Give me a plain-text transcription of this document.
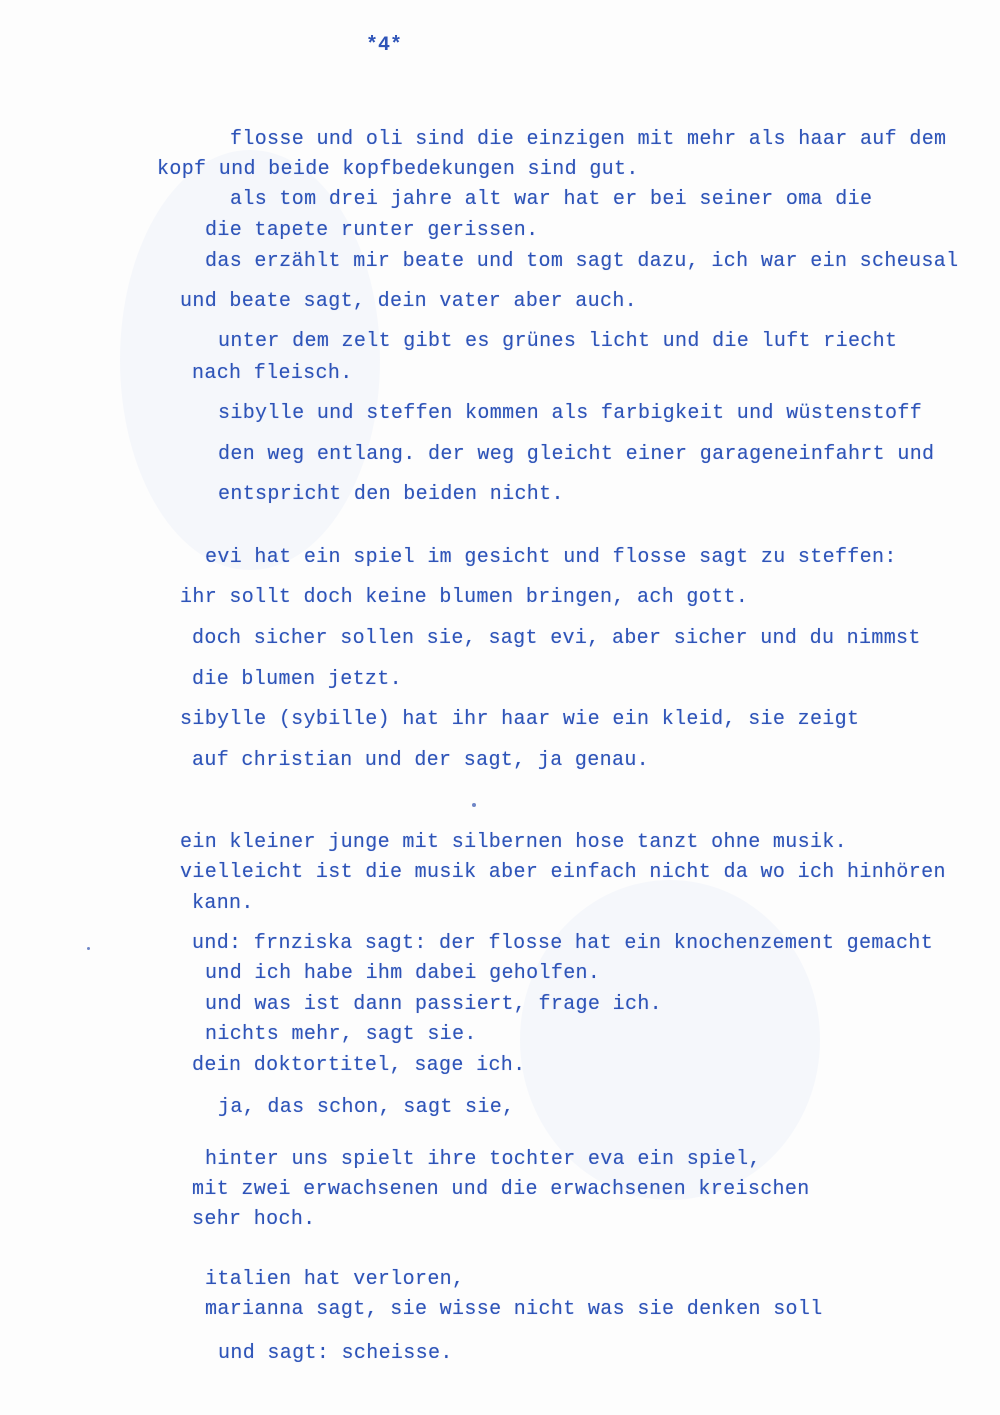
*4*
flosse und oli sind die einzigen mit mehr als haar auf dem
kopf und beide kopfbedekungen sind gut.
als tom drei jahre alt war hat er bei seiner oma die
die tapete runter gerissen.
das erzählt mir beate und tom sagt dazu, ich war ein scheusal
und beate sagt, dein vater aber auch.
unter dem zelt gibt es grünes licht und die luft riecht
nach fleisch.
sibylle und steffen kommen als farbigkeit und wüstenstoff
den weg entlang. der weg gleicht einer garageneinfahrt und
entspricht den beiden nicht.
evi hat ein spiel im gesicht und flosse sagt zu steffen:
ihr sollt doch keine blumen bringen, ach gott.
doch sicher sollen sie, sagt evi, aber sicher und du nimmst
die blumen jetzt.
sibylle (sybille) hat ihr haar wie ein kleid, sie zeigt
auf christian und der sagt, ja genau.
ein kleiner junge mit silbernen hose tanzt ohne musik.
vielleicht ist die musik aber einfach nicht da wo ich hinhören
kann.
und: frnziska sagt: der flosse hat ein knochenzement gemacht
und ich habe ihm dabei geholfen.
und was ist dann passiert, frage ich.
nichts mehr, sagt sie.
dein doktortitel, sage ich.
ja, das schon, sagt sie,
hinter uns spielt ihre tochter eva ein spiel,
mit zwei erwachsenen und die erwachsenen kreischen
sehr hoch.
italien hat verloren,
marianna sagt, sie wisse nicht was sie denken soll
und sagt: scheisse.
